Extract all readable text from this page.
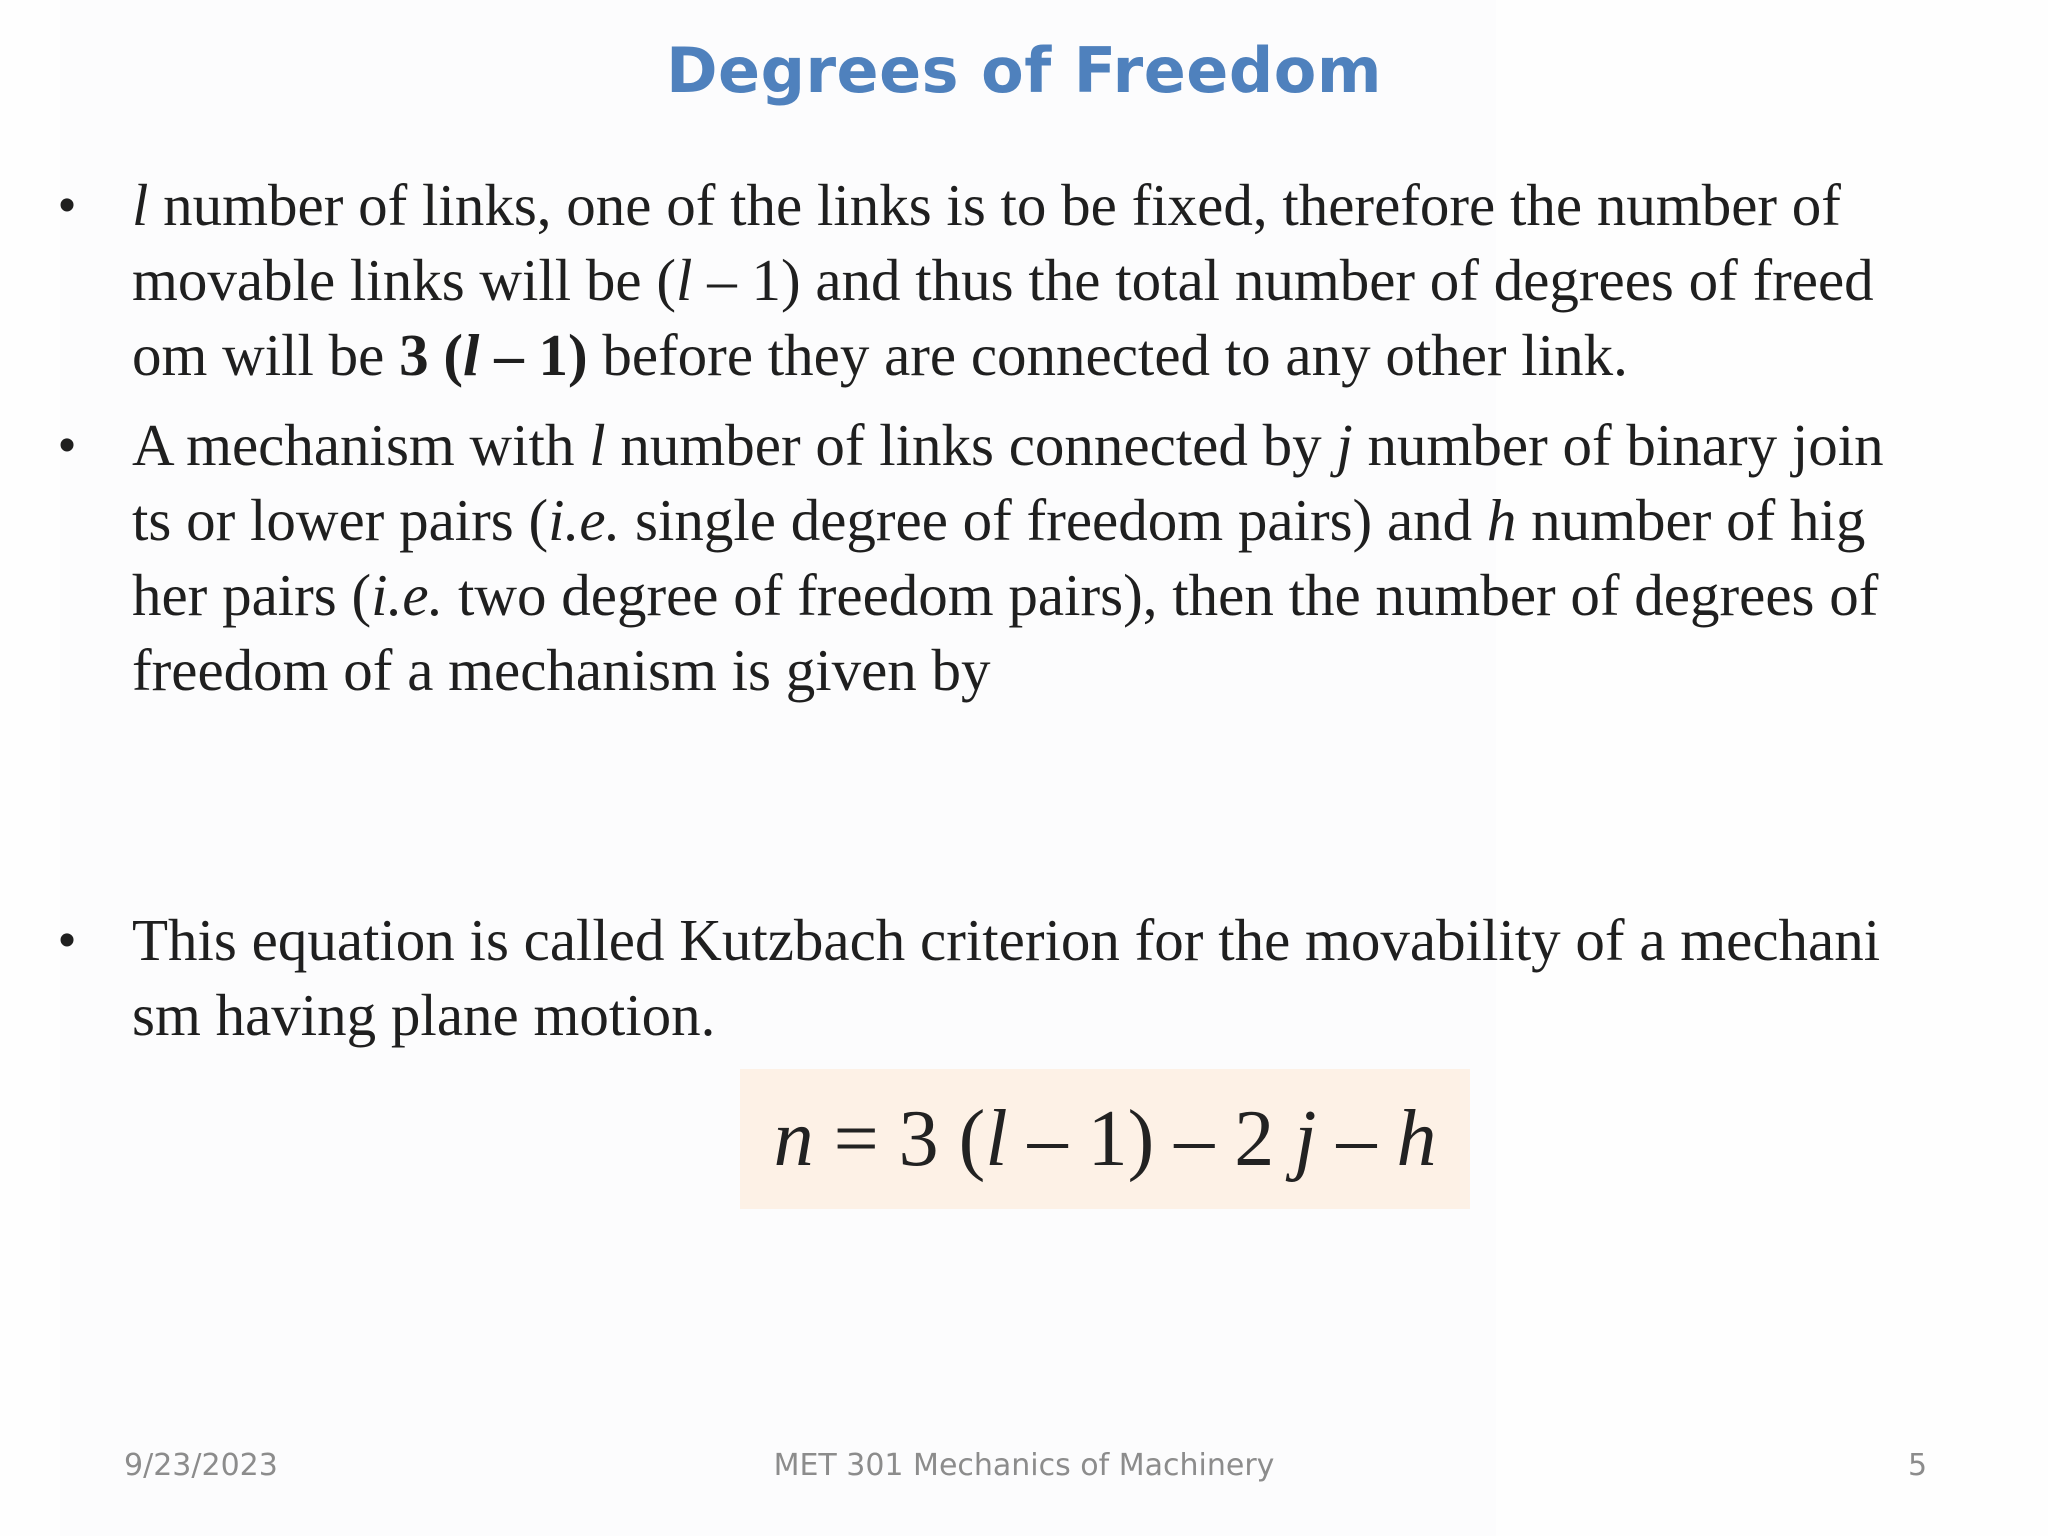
Degrees of Freedom
• l number of links, one of the links is to be fixed, therefore the number of
movable links will be (l – 1) and thus the total number of degrees of freed
om will be 3 (l – 1) before they are connected to any other link.
• A mechanism with l number of links connected by j number of binary join
ts or lower pairs (i.e. single degree of freedom pairs) and h number of hig
her pairs (i.e. two degree of freedom pairs), then the number of degrees of
freedom of a mechanism is given by
• This equation is called Kutzbach criterion for the movability of a mechani
sm having plane motion.
n = 3 (l – 1) – 2 j – h
9/23/2023	MET 301 Mechanics of Machinery	5
